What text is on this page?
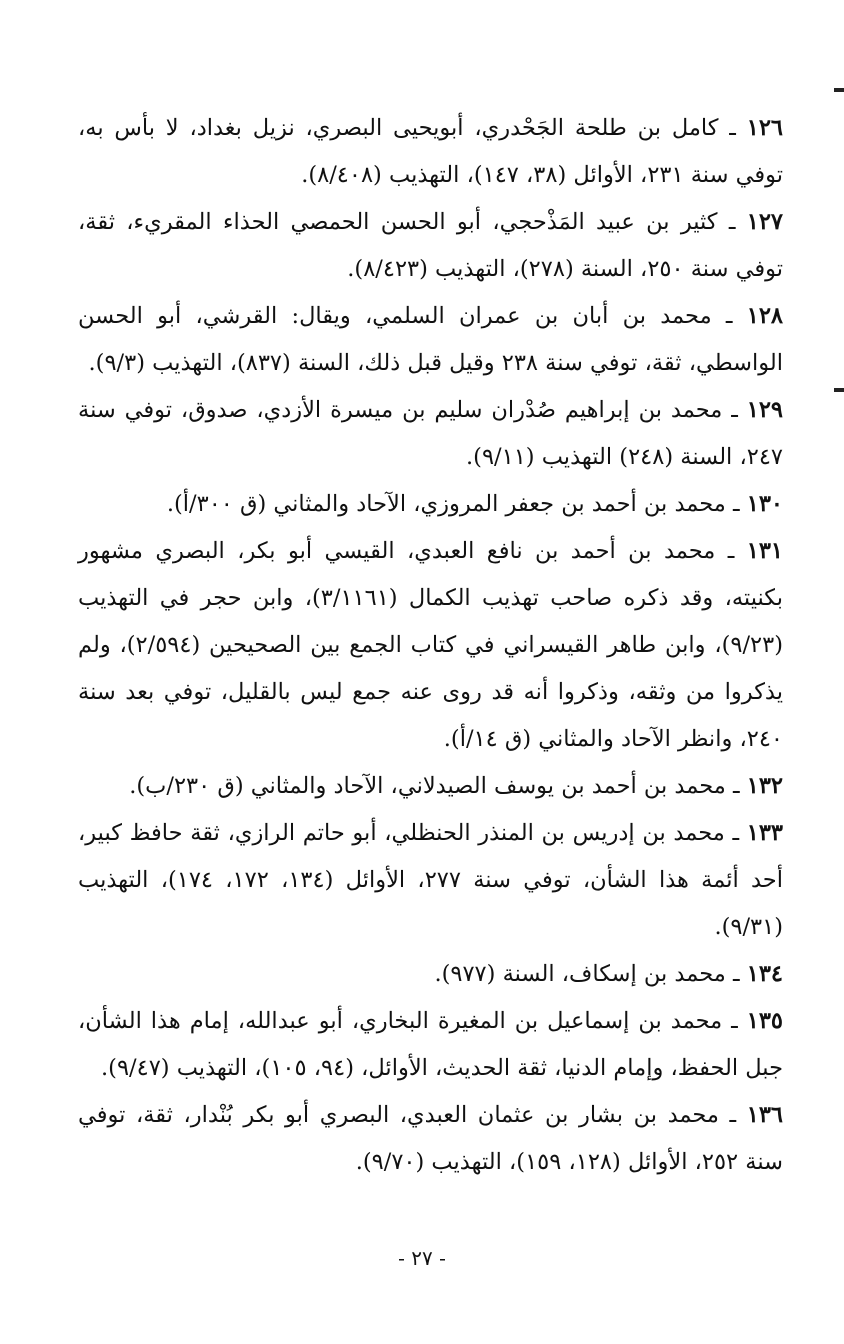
١٢٦ ـ كامل بن طلحة الجَحْدري، أبويحيى البصري، نزيل بغداد، لا بأس به، توفي سنة ٢٣١، الأوائل (٣٨، ١٤٧)، التهذيب (٨/٤٠٨).

١٢٧ ـ كثير بن عبيد المَذْحجي، أبو الحسن الحمصي الحذاء المقريء، ثقة، توفي سنة ٢٥٠، السنة (٢٧٨)، التهذيب (٨/٤٢٣).

١٢٨ ـ محمد بن أبان بن عمران السلمي، ويقال: القرشي، أبو الحسن الواسطي، ثقة، توفي سنة ٢٣٨ وقيل قبل ذلك، السنة (٨٣٧)، التهذيب (٩/٣).

١٢٩ ـ محمد بن إبراهيم صُدْران سليم بن ميسرة الأزدي، صدوق، توفي سنة ٢٤٧، السنة (٢٤٨) التهذيب (٩/١١).

١٣٠ ـ محمد بن أحمد بن جعفر المروزي، الآحاد والمثاني (ق ٣٠٠/أ).

١٣١ ـ محمد بن أحمد بن نافع العبدي، القيسي أبو بكر، البصري مشهور بكنيته، وقد ذكره صاحب تهذيب الكمال (٣/١١٦١)، وابن حجر في التهذيب (٩/٢٣)، وابن طاهر القيسراني في كتاب الجمع بين الصحيحين (٢/٥٩٤)، ولم يذكروا من وثقه، وذكروا أنه قد روى عنه جمع ليس بالقليل، توفي بعد سنة ٢٤٠، وانظر الآحاد والمثاني (ق ١٤/أ).

١٣٢ ـ محمد بن أحمد بن يوسف الصيدلاني، الآحاد والمثاني (ق ٢٣٠/ب).

١٣٣ ـ محمد بن إدريس بن المنذر الحنظلي، أبو حاتم الرازي، ثقة حافظ كبير، أحد أئمة هذا الشأن، توفي سنة ٢٧٧، الأوائل (١٣٤، ١٧٢، ١٧٤)، التهذيب (٩/٣١).

١٣٤ ـ محمد بن إسكاف، السنة (٩٧٧).

١٣٥ ـ محمد بن إسماعيل بن المغيرة البخاري، أبو عبدالله، إمام هذا الشأن، جبل الحفظ، وإمام الدنيا، ثقة الحديث، الأوائل، (٩٤، ١٠٥)، التهذيب (٩/٤٧).

١٣٦ ـ محمد بن بشار بن عثمان العبدي، البصري أبو بكر بُنْدار، ثقة، توفي سنة ٢٥٢، الأوائل (١٢٨، ١٥٩)، التهذيب (٩/٧٠).

- ٢٧ -
